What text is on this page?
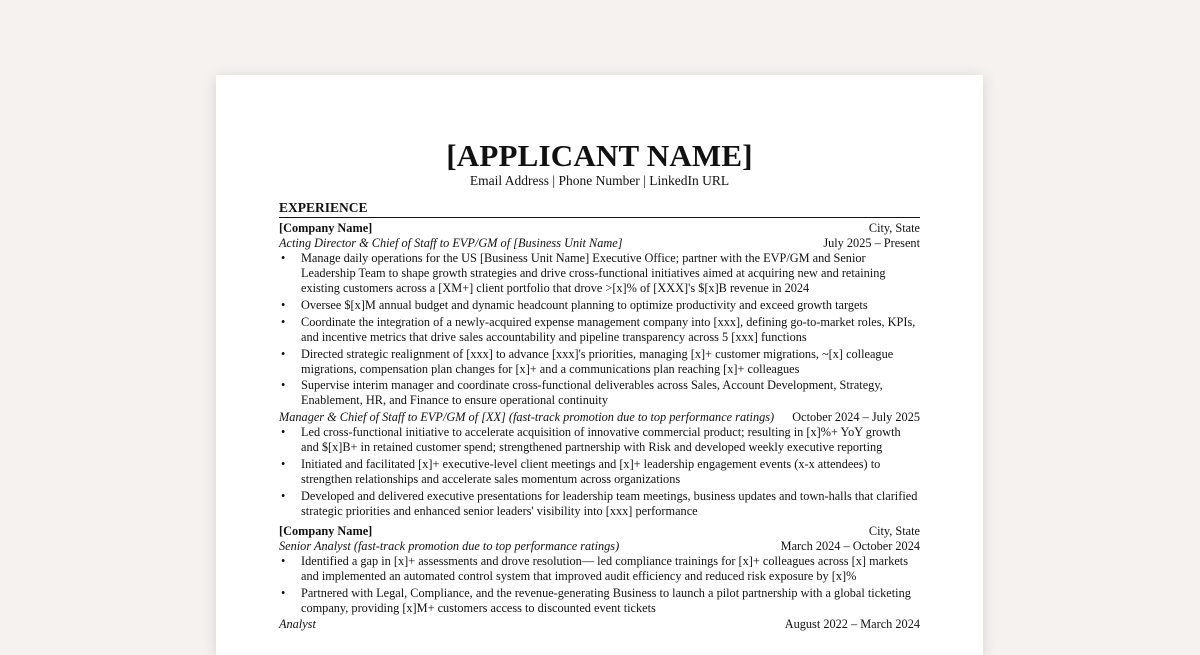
[APPLICANT NAME]
Email Address | Phone Number | LinkedIn URL
EXPERIENCE
[Company Name]	City, State
Acting Director & Chief of Staff to EVP/GM of [Business Unit Name]	July 2025 – Present
• Manage daily operations for the US [Business Unit Name] Executive Office; partner with the EVP/GM and Senior Leadership Team to shape growth strategies and drive cross-functional initiatives aimed at acquiring new and retaining existing customers across a [XM+] client portfolio that drove >[x]% of [XXX]'s $[x]B revenue in 2024
• Oversee $[x]M annual budget and dynamic headcount planning to optimize productivity and exceed growth targets
• Coordinate the integration of a newly-acquired expense management company into [xxx], defining go-to-market roles, KPIs, and incentive metrics that drive sales accountability and pipeline transparency across 5 [xxx] functions
• Directed strategic realignment of [xxx] to advance [xxx]'s priorities, managing [x]+ customer migrations, ~[x] colleague migrations, compensation plan changes for [x]+ and a communications plan reaching [x]+ colleagues
• Supervise interim manager and coordinate cross-functional deliverables across Sales, Account Development, Strategy, Enablement, HR, and Finance to ensure operational continuity
Manager & Chief of Staff to EVP/GM of [XX] (fast-track promotion due to top performance ratings) October 2024 – July 2025
• Led cross-functional initiative to accelerate acquisition of innovative commercial product; resulting in [x]%+ YoY growth and $[x]B+ in retained customer spend; strengthened partnership with Risk and developed weekly executive reporting
• Initiated and facilitated [x]+ executive-level client meetings and [x]+ leadership engagement events (x-x attendees) to strengthen relationships and accelerate sales momentum across organizations
• Developed and delivered executive presentations for leadership team meetings, business updates and town-halls that clarified strategic priorities and enhanced senior leaders' visibility into [xxx] performance
[Company Name]	City, State
Senior Analyst (fast-track promotion due to top performance ratings)	March 2024 – October 2024
• Identified a gap in [x]+ assessments and drove resolution— led compliance trainings for [x]+ colleagues across [x] markets and implemented an automated control system that improved audit efficiency and reduced risk exposure by [x]%
• Partnered with Legal, Compliance, and the revenue-generating Business to launch a pilot partnership with a global ticketing company, providing [x]M+ customers access to discounted event tickets
Analyst	August 2022 – March 2024
